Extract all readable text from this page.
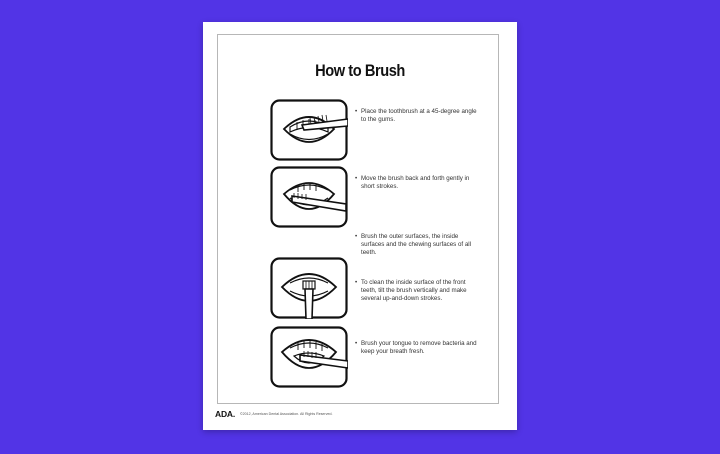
How to Brush
• Place the toothbrush at a 45-degree angle to the gums.

• Move the brush back and forth gently in short strokes.

• Brush the outer surfaces, the inside surfaces and the chewing surfaces of all teeth.

• To clean the inside surface of the front teeth, tilt the brush vertically and make several up-and-down strokes.

• Brush your tongue to remove bacteria and keep your breath fresh.

ADA. ©2012, American Dental Association. All Rights Reserved.
